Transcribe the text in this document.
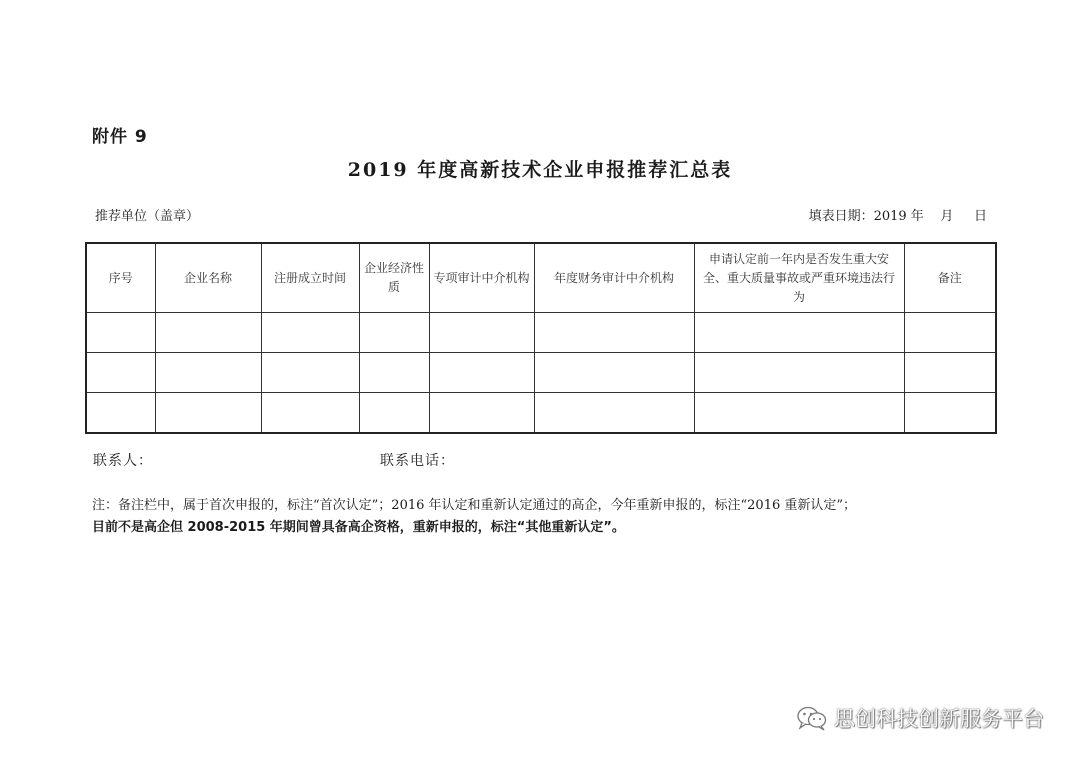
附件 9
2019 年度高新技术企业申报推荐汇总表
推荐单位（盖章）	填表日期：2019 年    月     日
序号	企业名称	注册成立时间	企业经济性质	专项审计中介机构	年度财务审计中介机构	申请认定前一年内是否发生重大安全、重大质量事故或严重环境违法行为	备注

联系人：	联系电话：
注：备注栏中，属于首次申报的，标注“首次认定”；2016 年认定和重新认定通过的高企，今年重新申报的，标注“2016 重新认定”；
目前不是高企但 2008-2015 年期间曾具备高企资格，重新申报的，标注“其他重新认定”。
思创科技创新服务平台
